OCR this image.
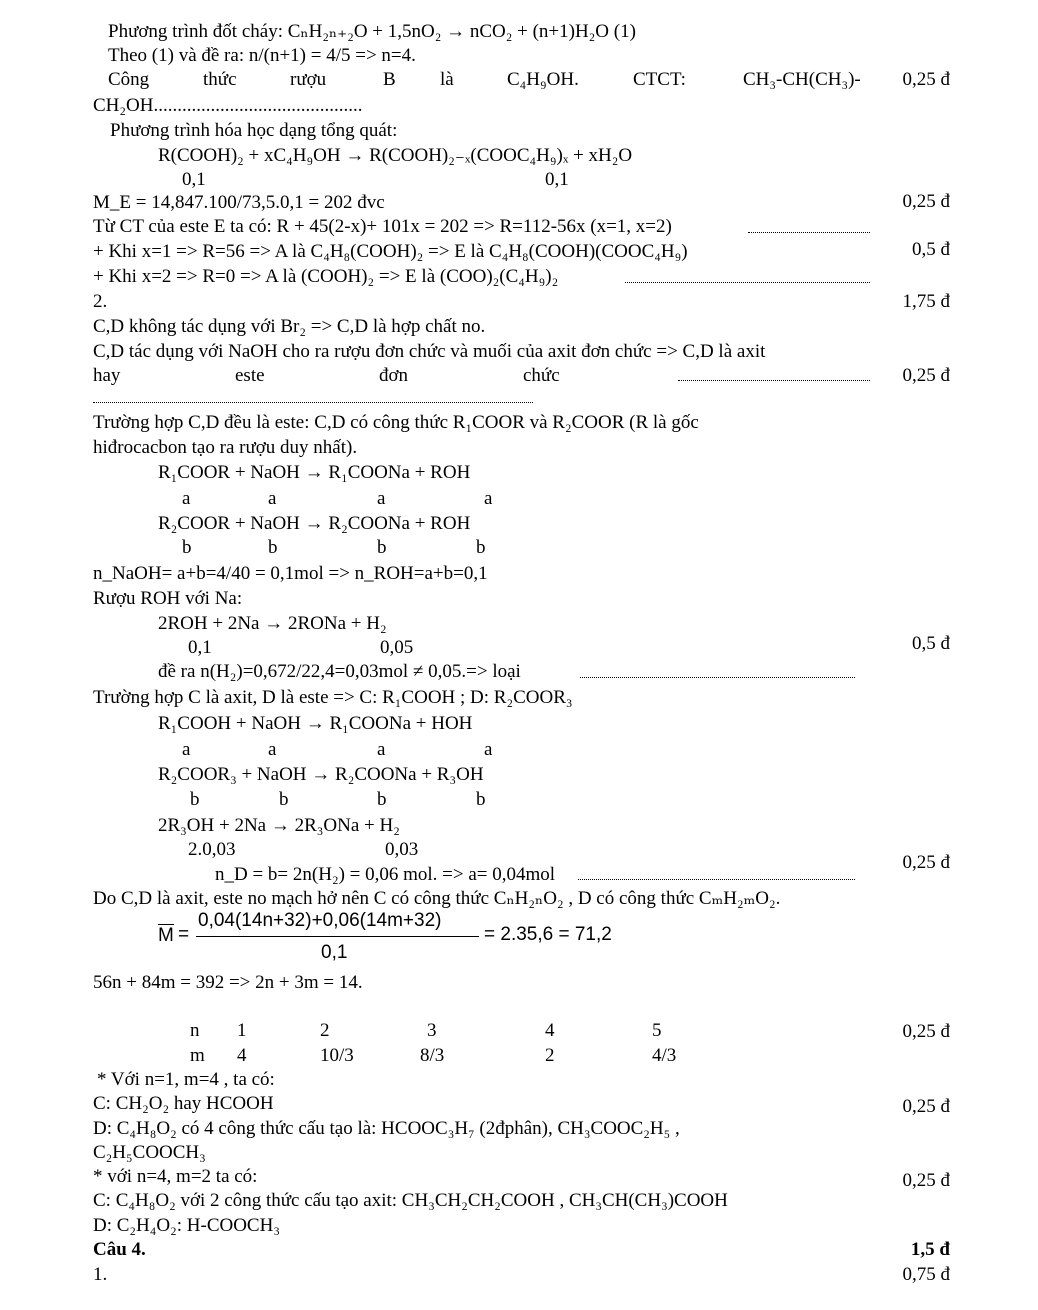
Phương trình đốt cháy: CₙH₂ₙ₊₂O + 1,5nO₂ → nCO₂ + (n+1)H₂O (1)
Theo (1) và đề ra: n/(n+1) = 4/5 => n=4.
Công	thức	rượu	B là	C₄H₉OH.	CTCT:	CH₃-CH(CH₃)- 0,25 đ
CH₂OH............................................
Phương trình hóa học dạng tổng quát:
R(COOH)₂ + xC₄H₉OH → R(COOH)₂₋ₓ(COOC₄H₉)ₓ + xH₂O
0,1	0,1
M_E = 14,847.100/73,5.0,1 = 202 đvc	0,25 đ
Từ CT của este E ta có: R + 45(2-x)+ 101x = 202 => R=112-56x (x=1, x=2)
+ Khi x=1 => R=56 => A là C₄H₈(COOH)₂ => E là C₄H₈(COOH)(COOC₄H₉)	0,5 đ
+ Khi x=2 => R=0 => A là (COOH)₂ => E là (COO)₂(C₄H₉)₂
2.	1,75 đ
C,D không tác dụng với Br₂ => C,D là hợp chất no.
C,D tác dụng với NaOH cho ra rượu đơn chức và muối của axit đơn chức => C,D là axit
hay	este	đơn	chức	0,25 đ
Trường hợp C,D đều là este: C,D có công thức R₁COOR và R₂COOR (R là gốc
hiđrocacbon tạo ra rượu duy nhất).
R₁COOR + NaOH → R₁COONa + ROH
a	a	a	a
R₂COOR + NaOH → R₂COONa + ROH
b	b	b	b
n_NaOH= a+b=4/40 = 0,1mol => n_ROH=a+b=0,1
Rượu ROH với Na:
2ROH + 2Na → 2RONa + H₂
0,1	0,05	0,5 đ
đề ra n(H₂)=0,672/22,4=0,03mol ≠ 0,05.=> loại
Trường hợp C là axit, D là este => C: R₁COOH ; D: R₂COOR₃
R₁COOH + NaOH → R₁COONa + HOH
a	a	a	a
R₂COOR₃ + NaOH → R₂COONa + R₃OH
b	b	b	b
2R₃OH + 2Na → 2R₃ONa + H₂
2.0,03	0,03
n_D = b= 2n(H₂) = 0,06 mol. => a= 0,04mol
0,25 đ
Do C,D là axit, este no mạch hở nên C có công thức CₙH₂ₙO₂ , D có công thức CₘH₂ₘO₂.
M =
0,04(14n+32)+0,06(14m+32)
0,1
= 2.35,6 = 71,2
56n + 84m = 392 => 2n + 3m = 14.
n 1	2	3	4	5
m 4	10/3	8/3	2	4/3
0,25 đ
* Với n=1, m=4 , ta có:
C: CH₂O₂ hay HCOOH	0,25 đ
D: C₄H₈O₂ có 4 công thức cấu tạo là: HCOOC₃H₇ (2đphân), CH₃COOC₂H₅ ,
C₂H₅COOCH₃
* với n=4, m=2 ta có:	0,25 đ
C: C₄H₈O₂ với 2 công thức cấu tạo axit: CH₃CH₂CH₂COOH , CH₃CH(CH₃)COOH
D: C₂H₄O₂: H-COOCH₃
Câu 4.	1,5 đ
1.	0,75 đ
